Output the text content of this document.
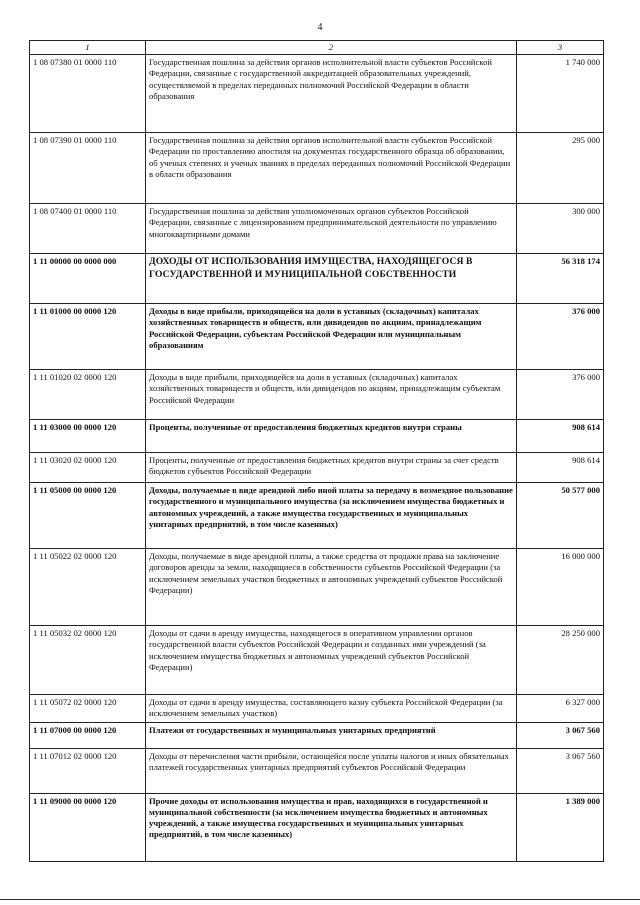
4
1	2	3
1 08 07380 01 0000 110	Государственная пошлина за действия органов исполнительной власти субъектов Российской Федерации, связанные с государственной аккредитацией образовательных учреждений, осуществляемой в пределах переданных полномочий Российской Федерации в области образования	1 740 000
1 08 07390 01 0000 110	Государственная пошлина за действия органов исполнительной власти субъектов Российской Федерации по проставлению апостиля на документах государственного образца об образовании, об ученых степенях и ученых званиях в пределах переданных полномочий Российской Федерации в области образования	295 000
1 08 07400 01 0000 110	Государственная пошлина за действия уполномоченных органов субъектов Российской Федерации, связанные с лицензированием предпринимательской деятельности по управлению многоквартирными домами	300 000
1 11 00000 00 0000 000	ДОХОДЫ ОТ ИСПОЛЬЗОВАНИЯ ИМУЩЕСТВА, НАХОДЯЩЕГОСЯ В ГОСУДАРСТВЕННОЙ И МУНИЦИПАЛЬНОЙ СОБСТВЕННОСТИ	56 318 174
1 11 01000 00 0000 120	Доходы в виде прибыли, приходящейся на доли в уставных (складочных) капиталах хозяйственных товариществ и обществ, или дивидендов по акциям, принадлежащим Российской Федерации, субъектам Российской Федерации или муниципальным образованиям	376 000
1 11 01020 02 0000 120	Доходы в виде прибыли, приходящейся на доли в уставных (складочных) капиталах хозяйственных товариществ и обществ, или дивидендов по акциям, принадлежащим субъектам Российской Федерации	376 000
1 11 03000 00 0000 120	Проценты, полученные от предоставления бюджетных кредитов внутри страны	908 614
1 11 03020 02 0000 120	Проценты, полученные от предоставления бюджетных кредитов внутри страны за счет средств бюджетов субъектов Российской Федерации	908 614
1 11 05000 00 0000 120	Доходы, получаемые в виде арендной либо иной платы за передачу в возмездное пользование государственного и муниципального имущества (за исключением имущества бюджетных и автономных учреждений, а также имущества государственных и муниципальных унитарных предприятий, в том числе казенных)	50 577 000
1 11 05022 02 0000 120	Доходы, получаемые в виде арендной платы, а также средства от продажи права на заключение договоров аренды за земли, находящиеся в собственности субъектов Российской Федерации (за исключением земельных участков бюджетных и автономных учреждений субъектов Российской Федерации)	16 000 000
1 11 05032 02 0000 120	Доходы от сдачи в аренду имущества, находящегося в оперативном управлении органов государственной власти субъектов Российской Федерации и созданных ими учреждений (за исключением имущества бюджетных и автономных учреждений субъектов Российской Федерации)	28 250 000
1 11 05072 02 0000 120	Доходы от сдачи в аренду имущества, составляющего казну субъекта Российской Федерации (за исключением земельных участков)	6 327 000
1 11 07000 00 0000 120	Платежи от государственных и муниципальных унитарных предприятий	3 067 560
1 11 07012 02 0000 120	Доходы от перечисления части прибыли, остающейся после уплаты налогов и иных обязательных платежей государственных унитарных предприятий субъектов Российской Федерации	3 067 560
1 11 09000 00 0000 120	Прочие доходы от использования имущества и прав, находящихся в государственной и муниципальной собственности (за исключением имущества бюджетных и автономных учреждений, а также имущества государственных и муниципальных унитарных предприятий, в том числе казенных)	1 389 000
